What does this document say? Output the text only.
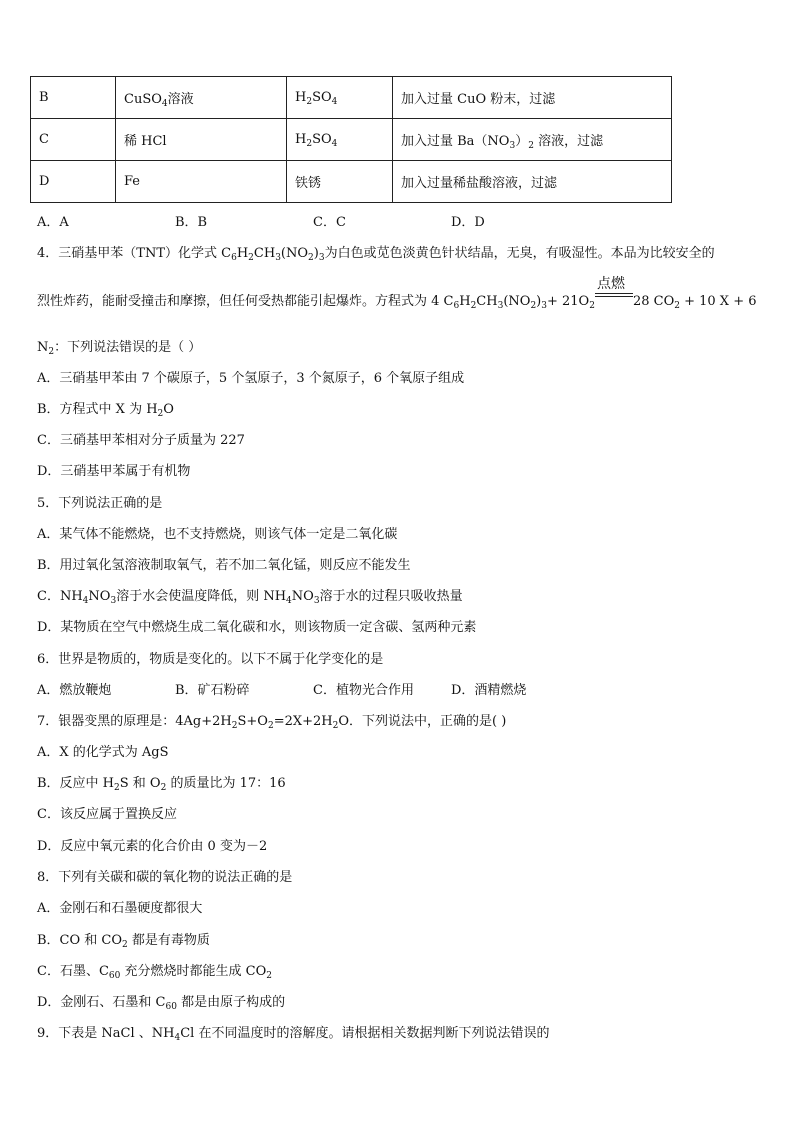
B	CuSO$_4$溶液	$H_2SO_4$	加入过量 CuO 粉末，过滤
C	稀 HCl	$H_2SO_4$	加入过量 $Ba(NO_3)_2$ 溶液，过滤
D	Fe	铁锈	加入过量稀盐酸溶液，过滤
A．A	B．B	C．C	D．D
4．三硝基甲苯（TNT）化学式 $C_6H_2CH_3(NO_2)_3$为白色或苋色淡黄色针状结晶，无臭，有吸湿性。本品为比较安全的
烈性炸药，能耐受撞击和摩擦，但任何受热都能引起爆炸。方程式为 4 $C_6H_2CH_3(NO_2)_3+ 21O_2$
点燃
28 $CO_2 + 10$ X + 6
$N_2$：下列说法错误的是（ ）
A．三硝基甲苯由 7 个碳原子，5 个氢原子，3 个氮原子，6 个氧原子组成
B．方程式中 X 为 $H_2O$
C．三硝基甲苯相对分子质量为 227
D．三硝基甲苯属于有机物
5．下列说法正确的是
A．某气体不能燃烧，也不支持燃烧，则该气体一定是二氧化碳
B．用过氧化氢溶液制取氧气，若不加二氧化锰，则反应不能发生
C．$NH_4NO_3$溶于水会使温度降低，则 $NH_4NO_3$溶于水的过程只吸收热量
D．某物质在空气中燃烧生成二氧化碳和水，则该物质一定含碳、氢两种元素
6．世界是物质的，物质是变化的。以下不属于化学变化的是
A．燃放鞭炮	B．矿石粉碎	C．植物光合作用	D．酒精燃烧
7．银器变黑的原理是：$4Ag+2H_2S+O_2=2X+2H_2O$．下列说法中，正确的是( )
A．X 的化学式为 AgS
B．反应中 $H_2S$ 和 $O_2$ 的质量比为 17：16
C．该反应属于置换反应
D．反应中氧元素的化合价由 0 变为－2
8．下列有关碳和碳的氧化物的说法正确的是
A．金刚石和石墨硬度都很大
B．CO 和 $CO_2$ 都是有毒物质
C．石墨、$C_{60}$ 充分燃烧时都能生成 $CO_2$
D．金刚石、石墨和 $C_{60}$ 都是由原子构成的
9．下表是 NaCl 、$NH_4Cl$ 在不同温度时的溶解度。请根据相关数据判断下列说法错误的
